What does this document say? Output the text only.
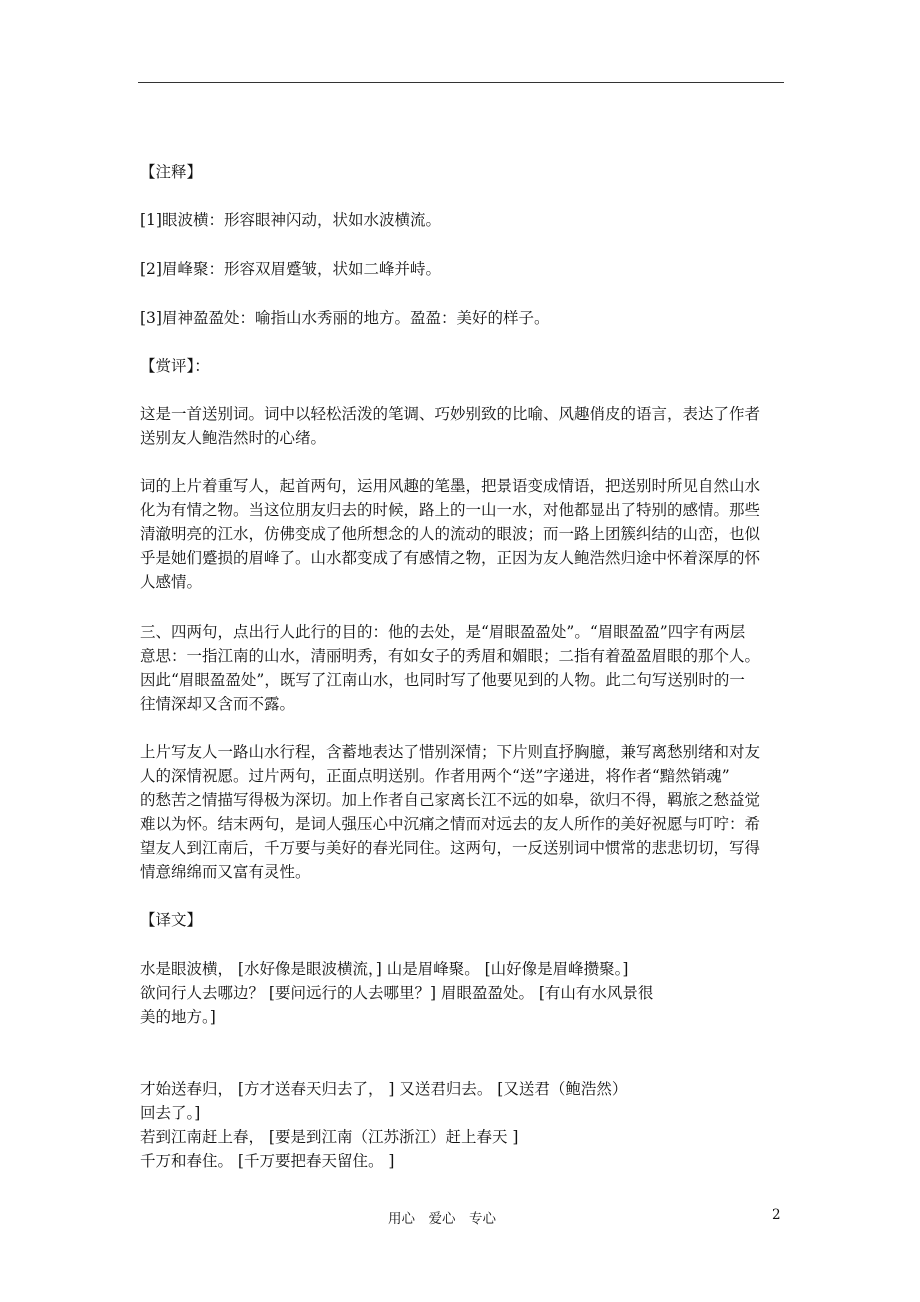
【注释】

[1]眼波横：形容眼神闪动，状如水波横流。

[2]眉峰聚：形容双眉蹙皱，状如二峰并峙。

[3]眉神盈盈处：喻指山水秀丽的地方。盈盈：美好的样子。

【赏评】：

这是一首送别词。词中以轻松活泼的笔调、巧妙别致的比喻、风趣俏皮的语言，表达了作者
送别友人鲍浩然时的心绪。
词的上片着重写人，起首两句，运用风趣的笔墨，把景语变成情语，把送别时所见自然山水
化为有情之物。当这位朋友归去的时候，路上的一山一水，对他都显出了特别的感情。那些
清澈明亮的江水，仿佛变成了他所想念的人的流动的眼波；而一路上团簇纠结的山峦，也似
乎是她们蹙损的眉峰了。山水都变成了有感情之物，正因为友人鲍浩然归途中怀着深厚的怀
人感情。
三、四两句，点出行人此行的目的：他的去处，是“眉眼盈盈处”。“眉眼盈盈”四字有两层
意思：一指江南的山水，清丽明秀，有如女子的秀眉和媚眼；二指有着盈盈眉眼的那个人。
因此“眉眼盈盈处”，既写了江南山水，也同时写了他要见到的人物。此二句写送别时的一
往情深却又含而不露。
上片写友人一路山水行程，含蓄地表达了惜别深情；下片则直抒胸臆，兼写离愁别绪和对友
人的深情祝愿。过片两句，正面点明送别。作者用两个“送”字递进，将作者“黯然销魂”
的愁苦之情描写得极为深切。加上作者自己家离长江不远的如皋，欲归不得，羁旅之愁益觉
难以为怀。结末两句，是词人强压心中沉痛之情而对远去的友人所作的美好祝愿与叮咛：希
望友人到江南后，千万要与美好的春光同住。这两句，一反送别词中惯常的悲悲切切，写得
情意绵绵而又富有灵性。

【译文】

水是眼波横， [水好像是眼波横流，] 山是眉峰聚。 [山好像是眉峰攒聚。]
欲问行人去哪边？ [要问远行的人去哪里？] 眉眼盈盈处。 [有山有水风景很
美的地方。]
才始送春归， [方才送春天归去了， ] 又送君归去。 [又送君（鲍浩然）
回去了。]
若到江南赶上春， [要是到江南（江苏浙江）赶上春天 ]
千万和春住。 [千万要把春天留住。 ]
用心　爱心　专心	2
